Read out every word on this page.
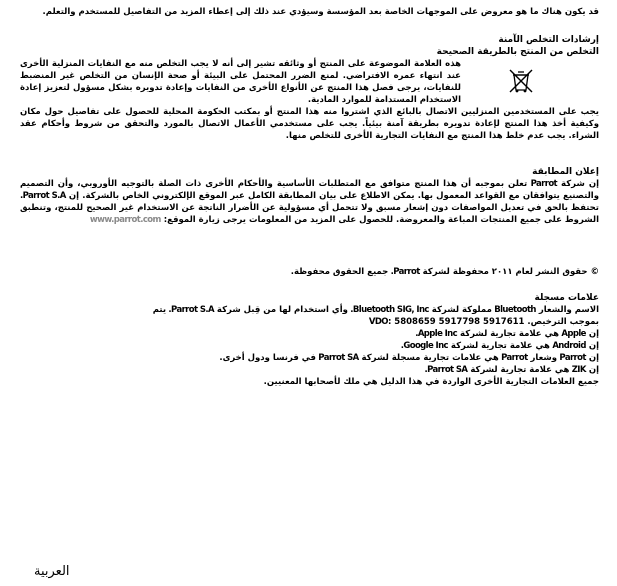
قد يكون هناك ما هو معروض على الموجهات الخاصة بعد المؤسسة وسيؤدي عند ذلك إلى إعطاء المزيد من التفاصيل للمستخدم والتعلم.
إرشادات التخلص الآمنة
التخلص من المنتج بالطريقة الصحيحة
هذه العلامة الموضوعة على المنتج أو وثائقه تشير إلى أنه لا يجب التخلص منه مع النفايات المنزلية الأخرى عند انتهاء عمره الافتراضي. لمنع الضرر المحتمل على البيئة أو صحة الإنسان من التخلص غير المنضبط للنفايات، يرجى فصل هذا المنتج عن الأنواع الأخرى من النفايات وإعادة تدويره بشكل مسؤول لتعزيز إعادة الاستخدام المستدامة للموارد المادية.
يجب على المستخدمين المنزليين الاتصال بالبائع الذي اشتروا منه هذا المنتج أو بمكتب الحكومة المحلية للحصول على تفاصيل حول مكان وكيفية أخذ هذا المنتج لإعادة تدويره بطريقة آمنة بيئياً. يجب على مستخدمي الأعمال الاتصال بالمورد والتحقق من شروط وأحكام عقد الشراء. يجب عدم خلط هذا المنتج مع النفايات التجارية الأخرى للتخلص منها.
إعلان المطابقة
إن شركة Parrot تعلن بموجبه أن هذا المنتج متوافق مع المتطلبات الأساسية والأحكام الأخرى ذات الصلة بالتوجيه الأوروبي، وأن التصميم والتصنيع يتوافقان مع القواعد المعمول بها. يمكن الاطلاع على بيان المطابقة الكامل عبر الموقع الإلكتروني الخاص بالشركة. إن Parrot S.A. تحتفظ بالحق في تعديل المواصفات دون إشعار مسبق ولا تتحمل أي مسؤولية عن الأضرار الناتجة عن الاستخدام غير الصحيح للمنتج، وتنطبق الشروط على جميع المنتجات المباعة والمعروضة. للحصول على المزيد من المعلومات يرجى زيارة الموقع: www.parrot.com
© حقوق النشر لعام ٢٠١١ محفوظة لشركة Parrot. جميع الحقوق محفوظة.
علامات مسجلة
الاسم والشعار Bluetooth مملوكة لشركة Bluetooth SIG, Inc. وأي استخدام لها من قِبل شركة Parrot S.A. يتم
بموجب الترخيص. 5917611 5917798 5808659 :VDO
إن Apple هي علامة تجارية لشركة Apple Inc.
إن Android هي علامة تجارية لشركة Google Inc.
إن Parrot وشعار Parrot هي علامات تجارية مسجلة لشركة Parrot SA في فرنسا ودول أخرى.
إن ZIK هي علامة تجارية لشركة Parrot SA.
جميع العلامات التجارية الأخرى الواردة في هذا الدليل هي ملك لأصحابها المعنيين.
العربية
